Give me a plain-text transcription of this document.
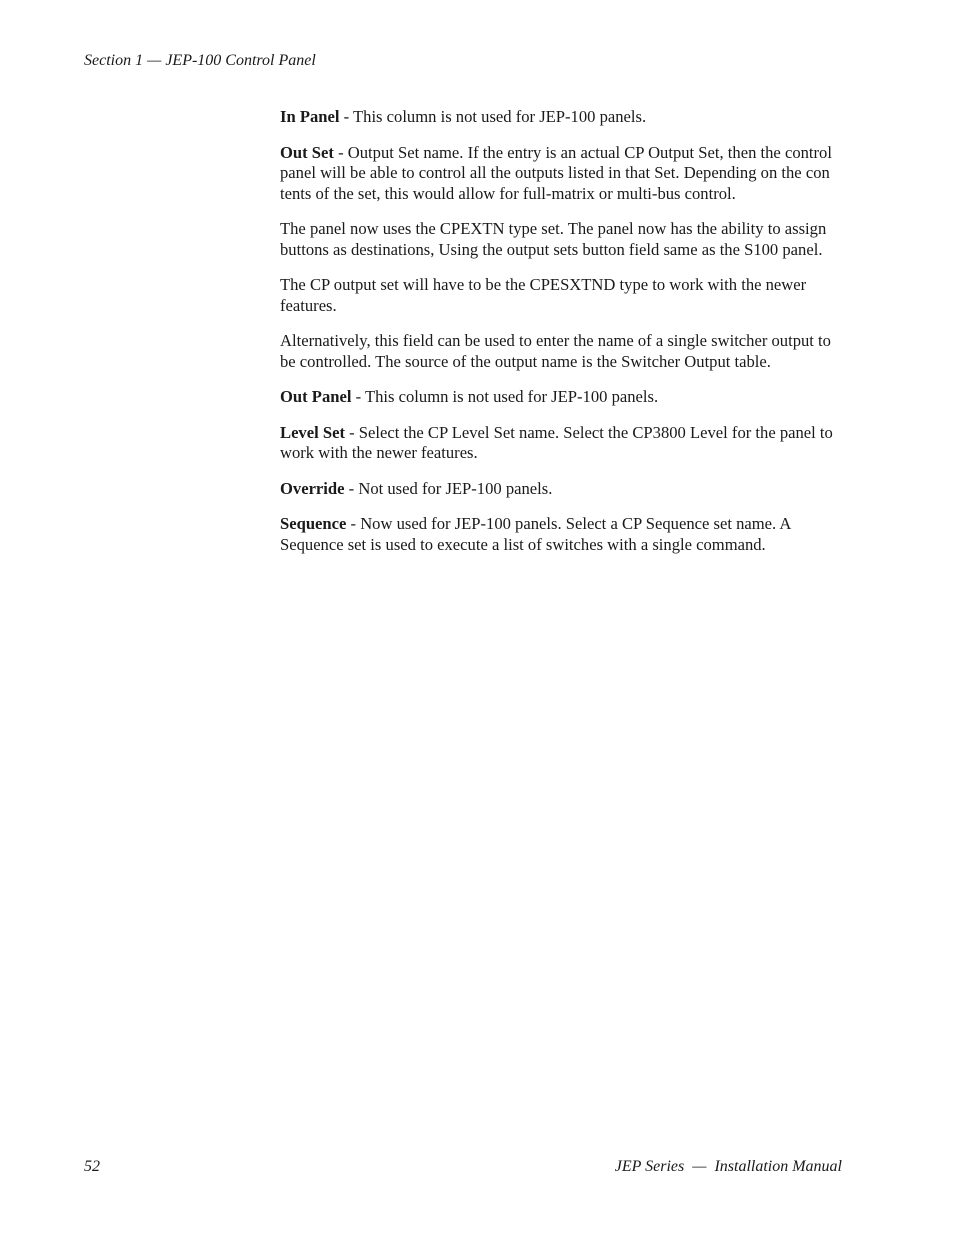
Section 1 — JEP-100 Control Panel

In Panel - This column is not used for JEP-100 panels.

Out Set - Output Set name. If the entry is an actual CP Output Set, then the control panel will be able to control all the outputs listed in that Set. Depending on the con tents of the set, this would allow for full-matrix or multi-bus control.

The panel now uses the CPEXTN type set. The panel now has the ability to assign buttons as destinations, Using the output sets button field same as the S100 panel.

The CP output set will have to be the CPESXTND type to work with the newer features.

Alternatively, this field can be used to enter the name of a single switcher output to be controlled. The source of the output name is the Switcher Output table.

Out Panel - This column is not used for JEP-100 panels.

Level Set - Select the CP Level Set name. Select the CP3800 Level for the panel to work with the newer features.

Override - Not used for JEP-100 panels.

Sequence - Now used for JEP-100 panels. Select a CP Sequence set name. A Sequence set is used to execute a list of switches with a single command.

52	JEP Series  —  Installation Manual
